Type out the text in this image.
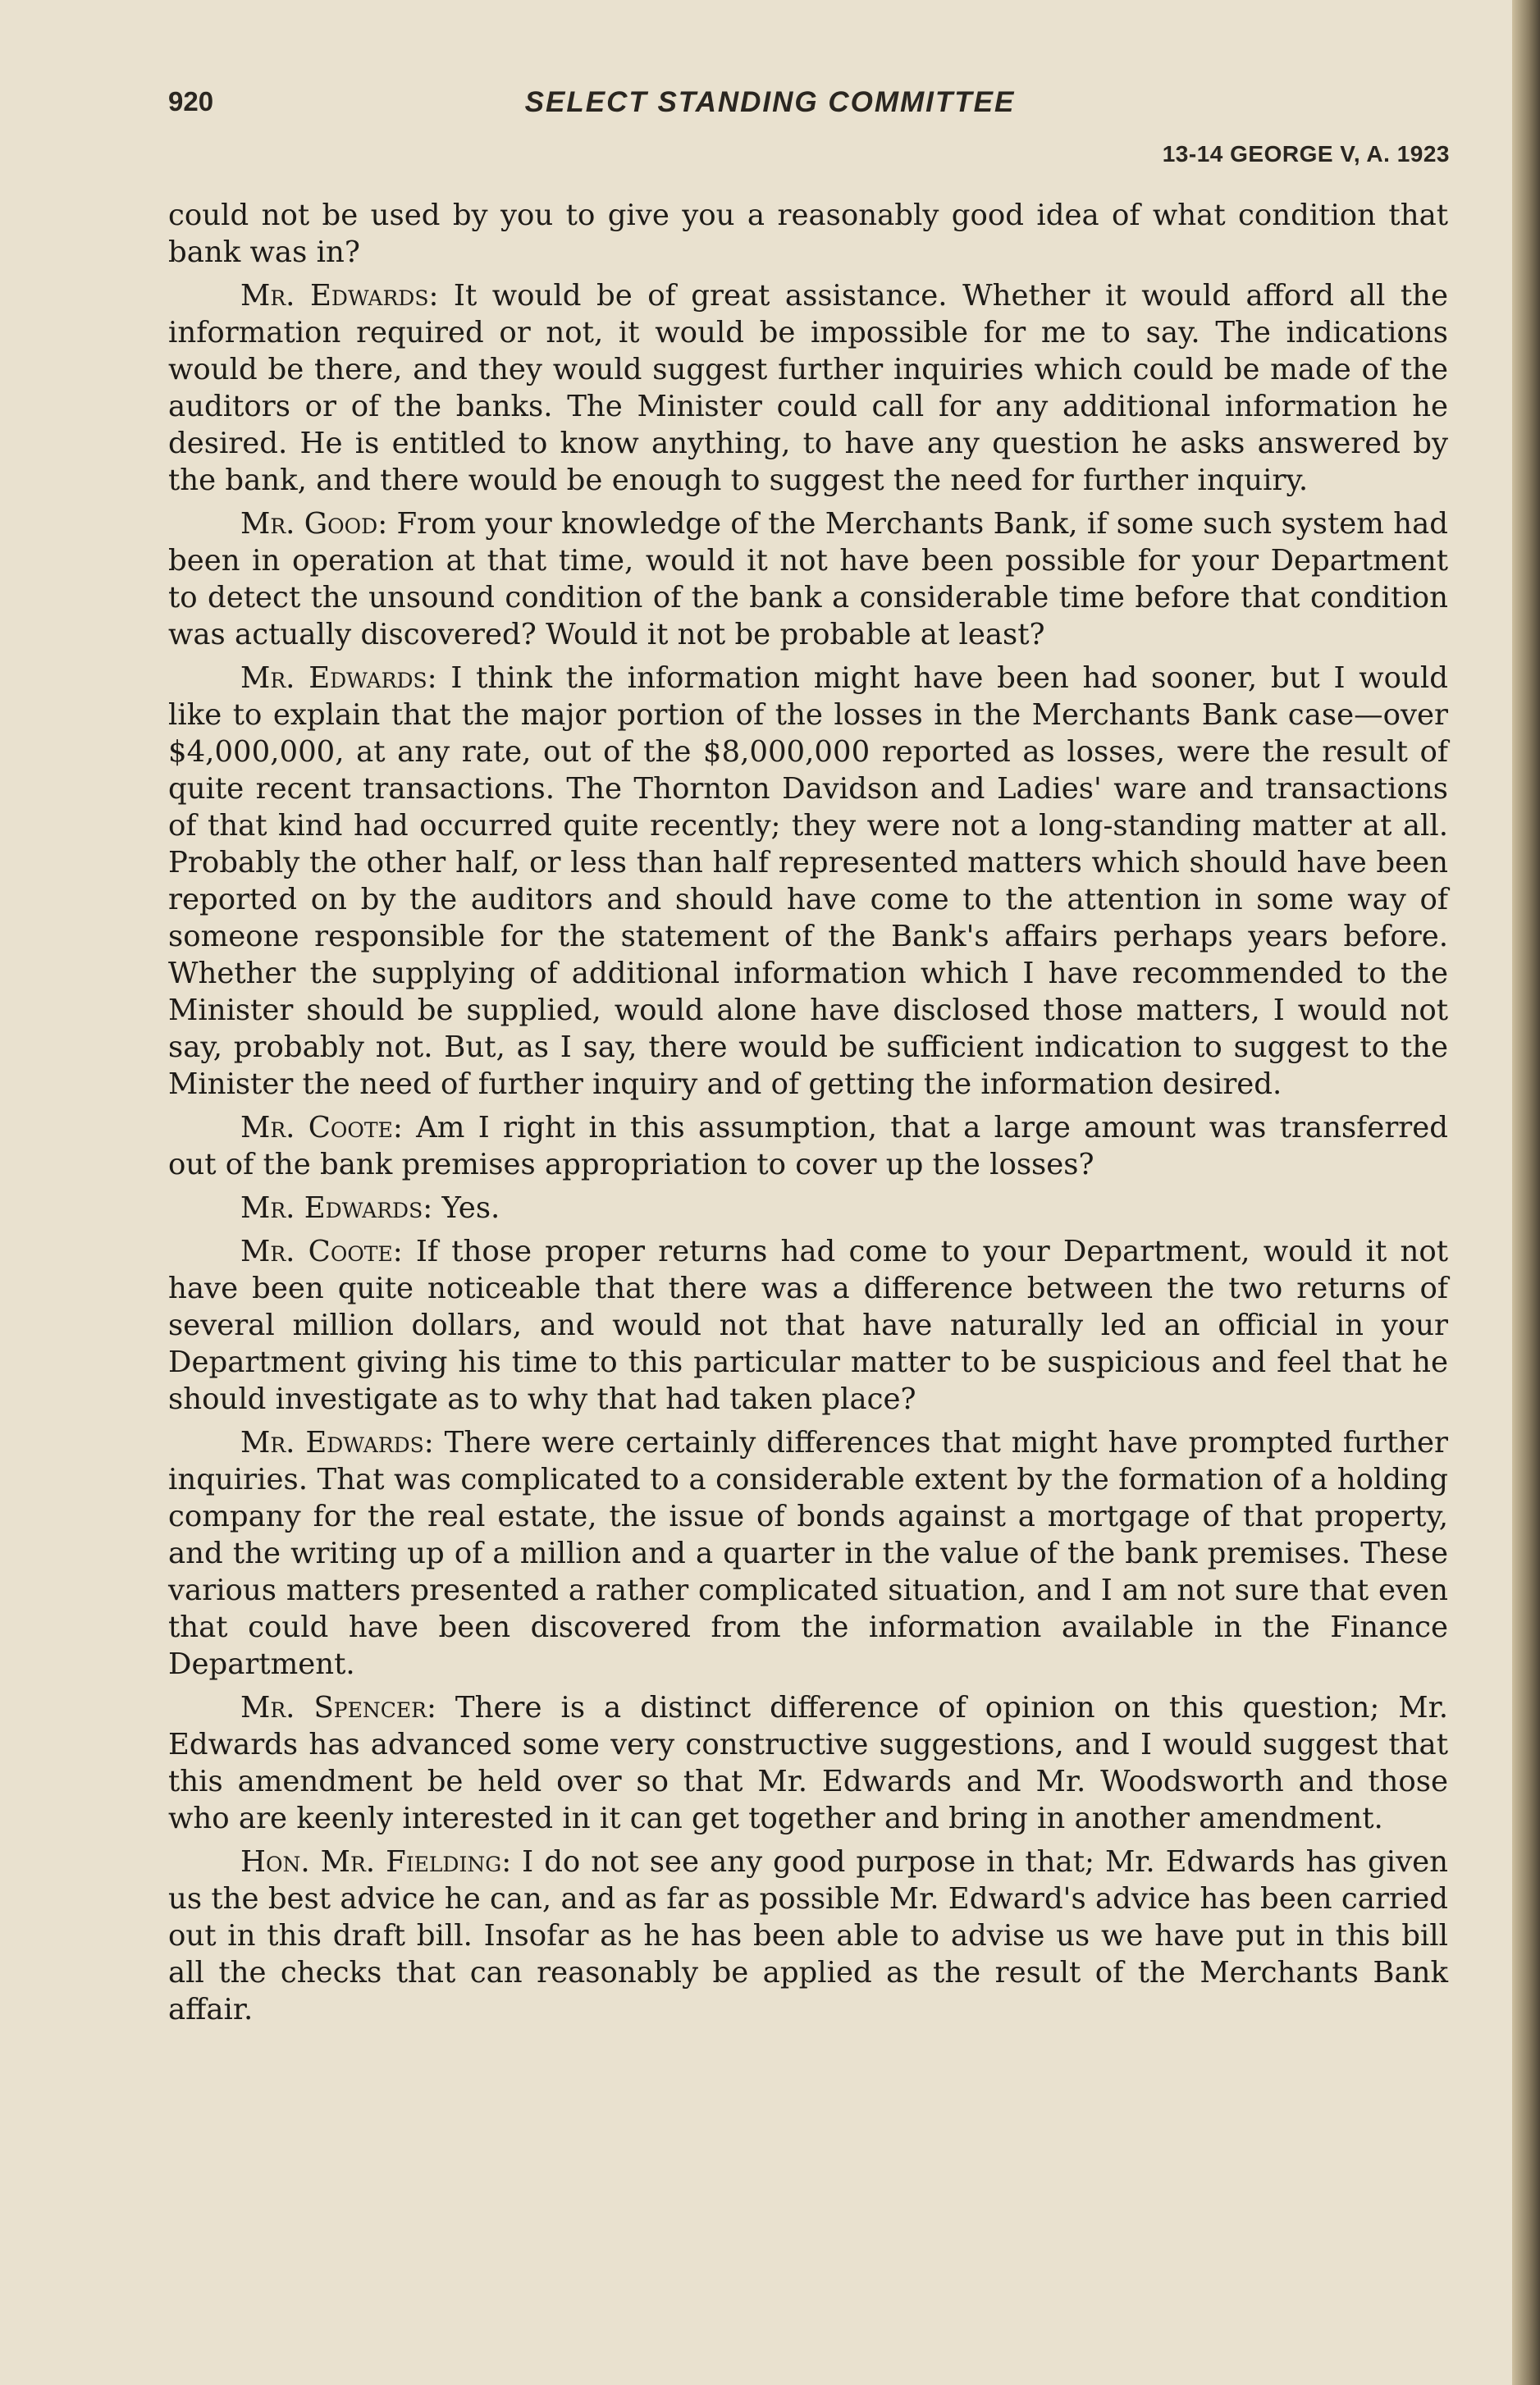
920	SELECT STANDING COMMITTEE
13-14 GEORGE V, A. 1923

could not be used by you to give you a reasonably good idea of what condition that bank was in?

Mr. Edwards: It would be of great assistance. Whether it would afford all the information required or not, it would be impossible for me to say. The indications would be there, and they would suggest further inquiries which could be made of the auditors or of the banks. The Minister could call for any additional information he desired. He is entitled to know anything, to have any question he asks answered by the bank, and there would be enough to suggest the need for further inquiry.

Mr. Good: From your knowledge of the Merchants Bank, if some such system had been in operation at that time, would it not have been possible for your Department to detect the unsound condition of the bank a considerable time before that condition was actually discovered? Would it not be probable at least?

Mr. Edwards: I think the information might have been had sooner, but I would like to explain that the major portion of the losses in the Merchants Bank case—over $4,000,000, at any rate, out of the $8,000,000 reported as losses, were the result of quite recent transactions. The Thornton Davidson and Ladies' ware and transactions of that kind had occurred quite recently; they were not a long-standing matter at all. Probably the other half, or less than half represented matters which should have been reported on by the auditors and should have come to the attention in some way of someone responsible for the statement of the Bank's affairs perhaps years before. Whether the supplying of additional information which I have recommended to the Minister should be supplied, would alone have disclosed those matters, I would not say, probably not. But, as I say, there would be sufficient indication to suggest to the Minister the need of further inquiry and of getting the information desired.

Mr. Coote: Am I right in this assumption, that a large amount was transferred out of the bank premises appropriation to cover up the losses?

Mr. Edwards: Yes.

Mr. Coote: If those proper returns had come to your Department, would it not have been quite noticeable that there was a difference between the two returns of several million dollars, and would not that have naturally led an official in your Department giving his time to this particular matter to be suspicious and feel that he should investigate as to why that had taken place?

Mr. Edwards: There were certainly differences that might have prompted further inquiries. That was complicated to a considerable extent by the formation of a holding company for the real estate, the issue of bonds against a mortgage of that property, and the writing up of a million and a quarter in the value of the bank premises. These various matters presented a rather complicated situation, and I am not sure that even that could have been discovered from the information available in the Finance Department.

Mr. Spencer: There is a distinct difference of opinion on this question; Mr. Edwards has advanced some very constructive suggestions, and I would suggest that this amendment be held over so that Mr. Edwards and Mr. Woodsworth and those who are keenly interested in it can get together and bring in another amendment.

Hon. Mr. Fielding: I do not see any good purpose in that; Mr. Edwards has given us the best advice he can, and as far as possible Mr. Edward's advice has been carried out in this draft bill. Insofar as he has been able to advise us we have put in this bill all the checks that can reasonably be applied as the result of the Merchants Bank affair.
